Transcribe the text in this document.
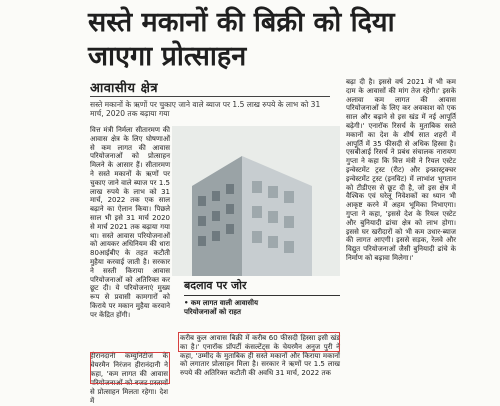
सस्ते मकानों की बिक्री को दिया जाएगा प्रोत्साहन
आवासीय क्षेत्र
सस्ते मकानों के ऋणों पर चुकाए जाने वाले ब्याज पर 1.5 लाख रुपये के लाभ को 31 मार्च, 2020 तक बढ़ाया गया

वित्त मंत्री निर्मला सीतारमण की आवास क्षेत्र के लिए घोषणाओं से कम लागत की आवास परियोजनाओं को प्रोत्साहन मिलने के आसार हैं। सीतारमण ने सस्ते मकानों के ऋणों पर चुकाए जाने वाले ब्याज पर 1.5 लाख रुपये के लाभ को 31 मार्च, 2022 तक एक साल बढ़ाने का ऐलान किया। पिछले साल भी इसे 31 मार्च 2020 से मार्च 2021 तक बढ़ाया गया था। सस्ते आवास परियोजनाओं को आयकर अधिनियम की धारा 80आईबीए के तहत कटौती मुहैया करवाई जाती है। सरकार ने सस्ती किराया आवास परियोजनाओं को अतिरिक्त कर छूट दी। ये परियोजनाएं मुख्य रूप से प्रवासी कामगारों को किराये पर मकान मुहैया करवाने पर केंद्रित होंगी।

बदलाव पर जोर
• कम लागत वाली आवासीय
परियोजनाओं को राहत

करीब कुल आवास बिक्री में करीब 60 फीसदी हिस्सा इसी खंड का है।' एनारॉक प्रॉपर्टी कंसल्टेंट्स के चेयरमैन अनुज पुरी ने कहा, 'उम्मीद के मुताबिक ही सस्ते मकानों और किराया मकानों को लगातार प्रोत्साहन मिला है। सरकार ने ऋणों पर 1.5 लाख रुपये की अतिरिक्त कटौती की अवधि 31 मार्च, 2022 तक

हीरानंदानी कम्युनिटीज के चेयरमैन निरंजन हीरानंदानी ने कहा, 'कम लागत की आवास परियोजनाओं को बजट प्रस्तावों से प्रोत्साहन मिलता रहेगा। देश में

बढ़ा दी है। इससे वर्ष 2021 में भी कम दाम के आवासों की मांग तेज रहेगी।' इसके अलावा कम लागत की आवास परियोजनाओं के लिए कर अवकाश को एक साल और बढ़ाने से इस खंड में नई आपूर्ति बढ़ेगी।' एनारॉक रिसर्च के मुताबिक सस्ते मकानों का देश के शीर्ष सात शहरों में आपूर्ति में 35 फीसदी से अधिक हिस्सा है। एसबीआई रिसर्च ने प्रबंध संचालक नारायण गुप्ता ने कहा कि वित्त मंत्री ने रियल एस्टेट इन्वेस्टमेंट ट्रस्ट (रीट) और इन्फ्रास्ट्रक्चर इन्वेस्टमेंट ट्रस्ट (इनविट) में लाभांश भुगतान को टीडीएस से छूट दी है, जो इस क्षेत्र में वैश्विक एवं घरेलू निवेशकों का ध्यान भी आकृष्ट करने में अहम भूमिका निभाएगा। गुप्ता ने कहा, 'इससे देश के रियल एस्टेट और बुनियादी ढांचा क्षेत्र को लाभ होगा। इससे घर खरीदारों को भी कम उधार-ब्याज की लागत आएगी। इससे सड़क, रेलवे और विद्युत परियोजनाओं जैसी बुनियादी ढांचे के निर्माण को बढ़ावा मिलेगा।'
